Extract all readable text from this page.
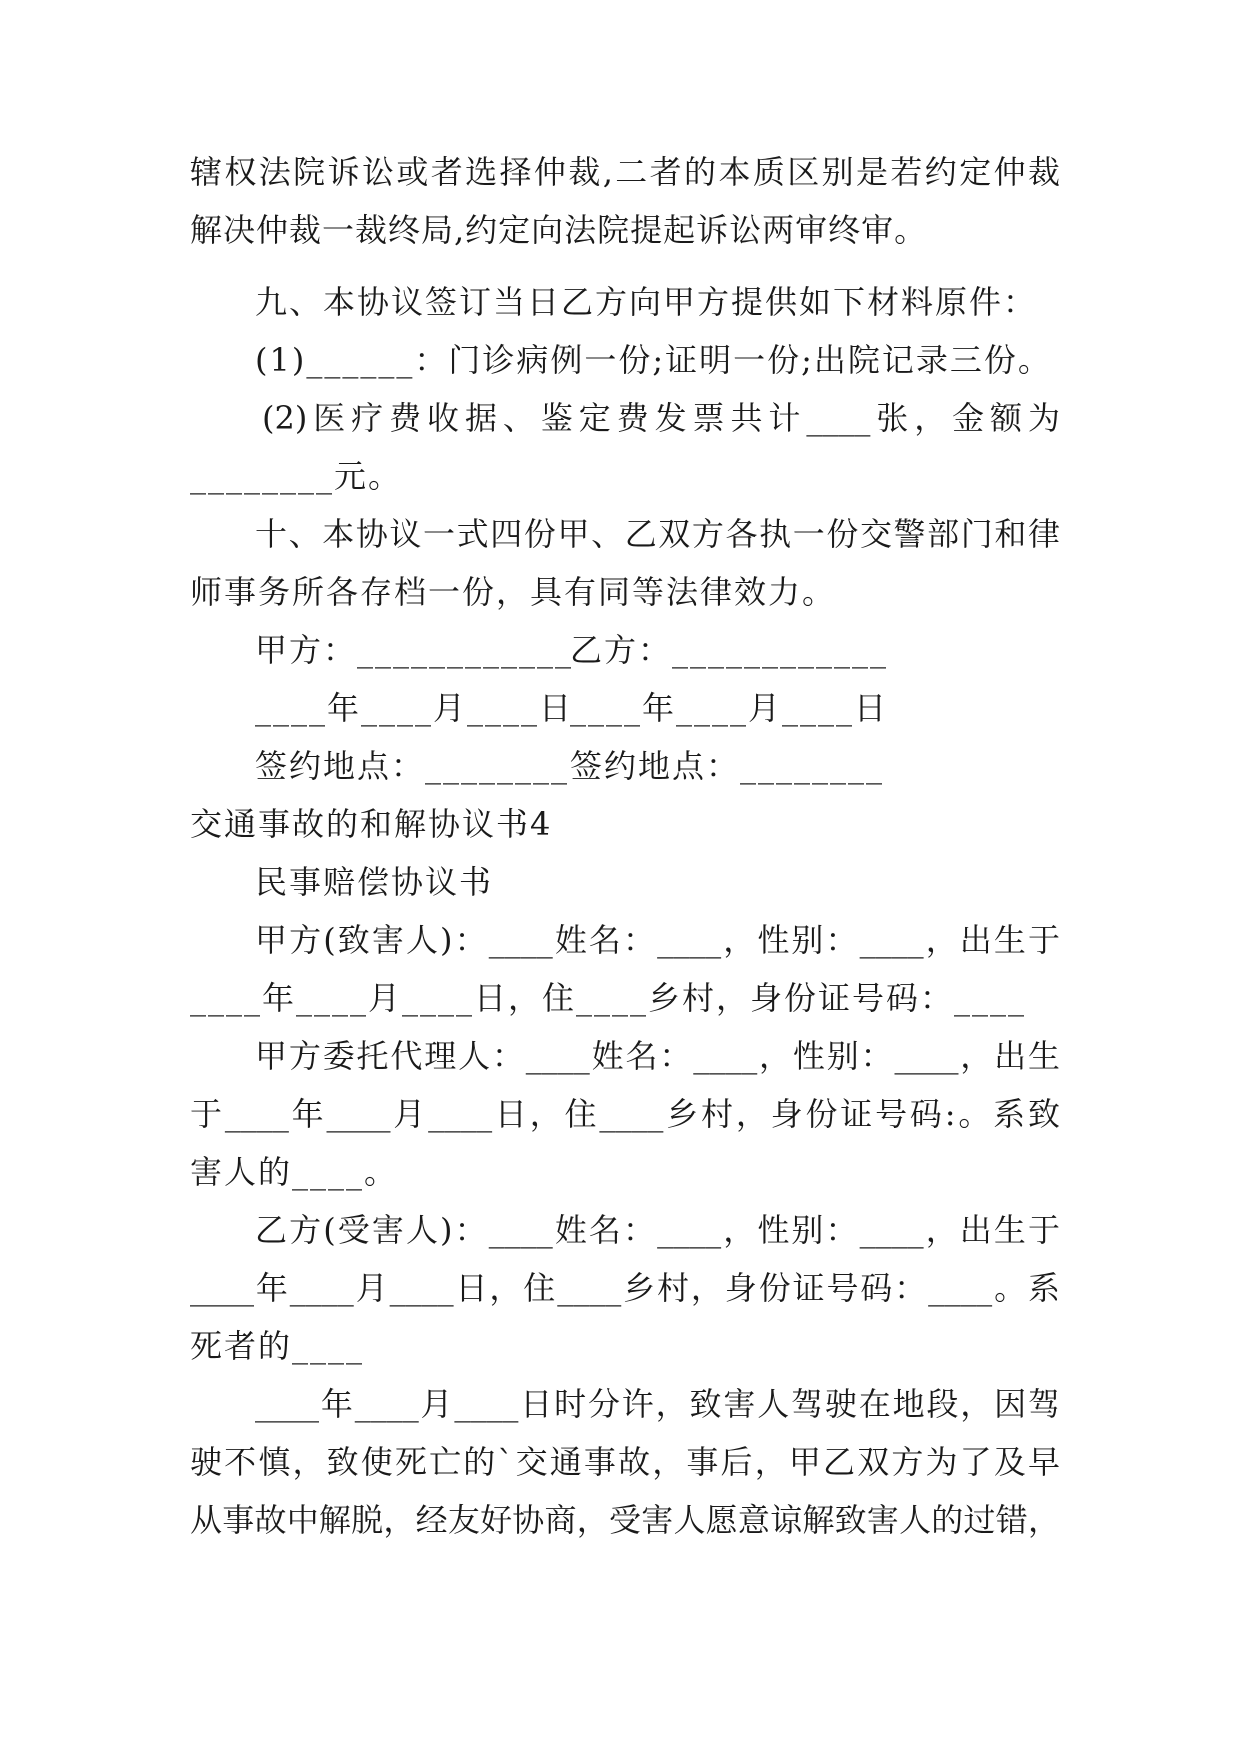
辖权法院诉讼或者选择仲裁,二者的本质区别是若约定仲裁
解决仲裁一裁终局,约定向法院提起诉讼两审终审。
九、本协议签订当日乙方向甲方提供如下材料原件：
(1)______：门诊病例一份;证明一份;出院记录三份。
(2)医疗费收据、鉴定费发票共计____张，金额为
________元。
十、本协议一式四份甲、乙双方各执一份交警部门和律
师事务所各存档一份，具有同等法律效力。
甲方：____________
乙方：____________
____年____月____日
____年____月____日
签约地点：________ 签约地点：________
交通事故的和解协议书4
民事赔偿协议书
甲方(致害人)：____姓名：____，性别：____，出生于
____年____月____日，住____乡村，身份证号码：____
甲方委托代理人：____姓名：____，性别：____，出生
于____年____月____日，住____乡村，身份证号码:。系致
害人的____。
乙方(受害人)：____姓名：____，性别：____，出生于
____年____月____日，住____乡村，身份证号码：____。系
死者的____
____年____月____日时分许，致害人驾驶在地段，因驾
驶不慎，致使死亡的`交通事故，事后，甲乙双方为了及早
从事故中解脱，经友好协商，受害人愿意谅解致害人的过错，
